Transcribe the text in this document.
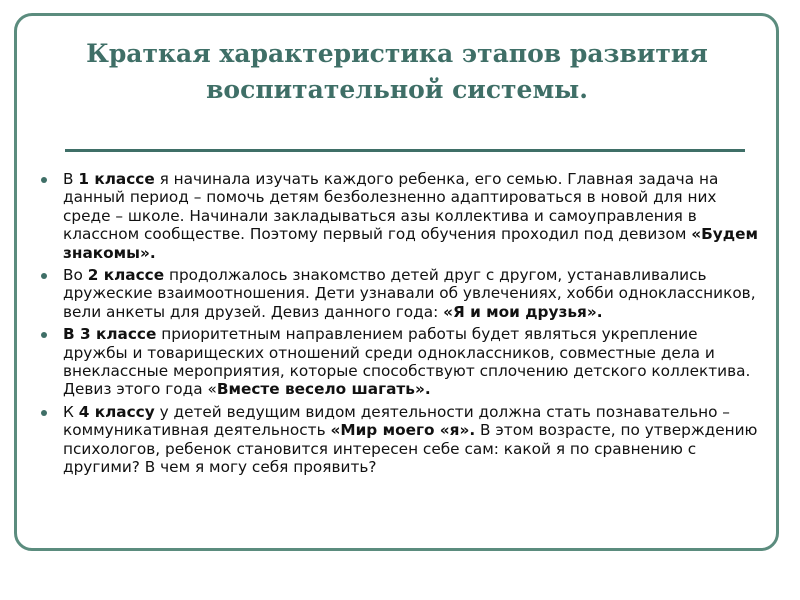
Краткая характеристика этапов развития
воспитательной системы.
В 1 классе я начинала изучать каждого ребенка, его семью. Главная задача на данный период – помочь детям безболезненно адаптироваться в новой для них среде – школе. Начинали закладываться азы коллектива и самоуправления в классном сообществе. Поэтому первый год обучения проходил под девизом «Будем знакомы».
Во 2 классе продолжалось знакомство детей друг с другом, устанавливались дружеские взаимоотношения. Дети узнавали об увлечениях, хобби одноклассников, вели анкеты для друзей. Девиз данного года: «Я и мои друзья».
В 3 классе приоритетным направлением работы будет являться укрепление дружбы и товарищеских отношений среди одноклассников, совместные дела и внеклассные мероприятия, которые способствуют сплочению детского коллектива. Девиз этого года «Вместе весело шагать».
К 4 классу у детей ведущим видом деятельности должна стать познавательно – коммуникативная деятельность «Мир моего «я». В этом возрасте, по утверждению психологов, ребенок становится интересен себе сам: какой я по сравнению с другими? В чем я могу себя проявить?
